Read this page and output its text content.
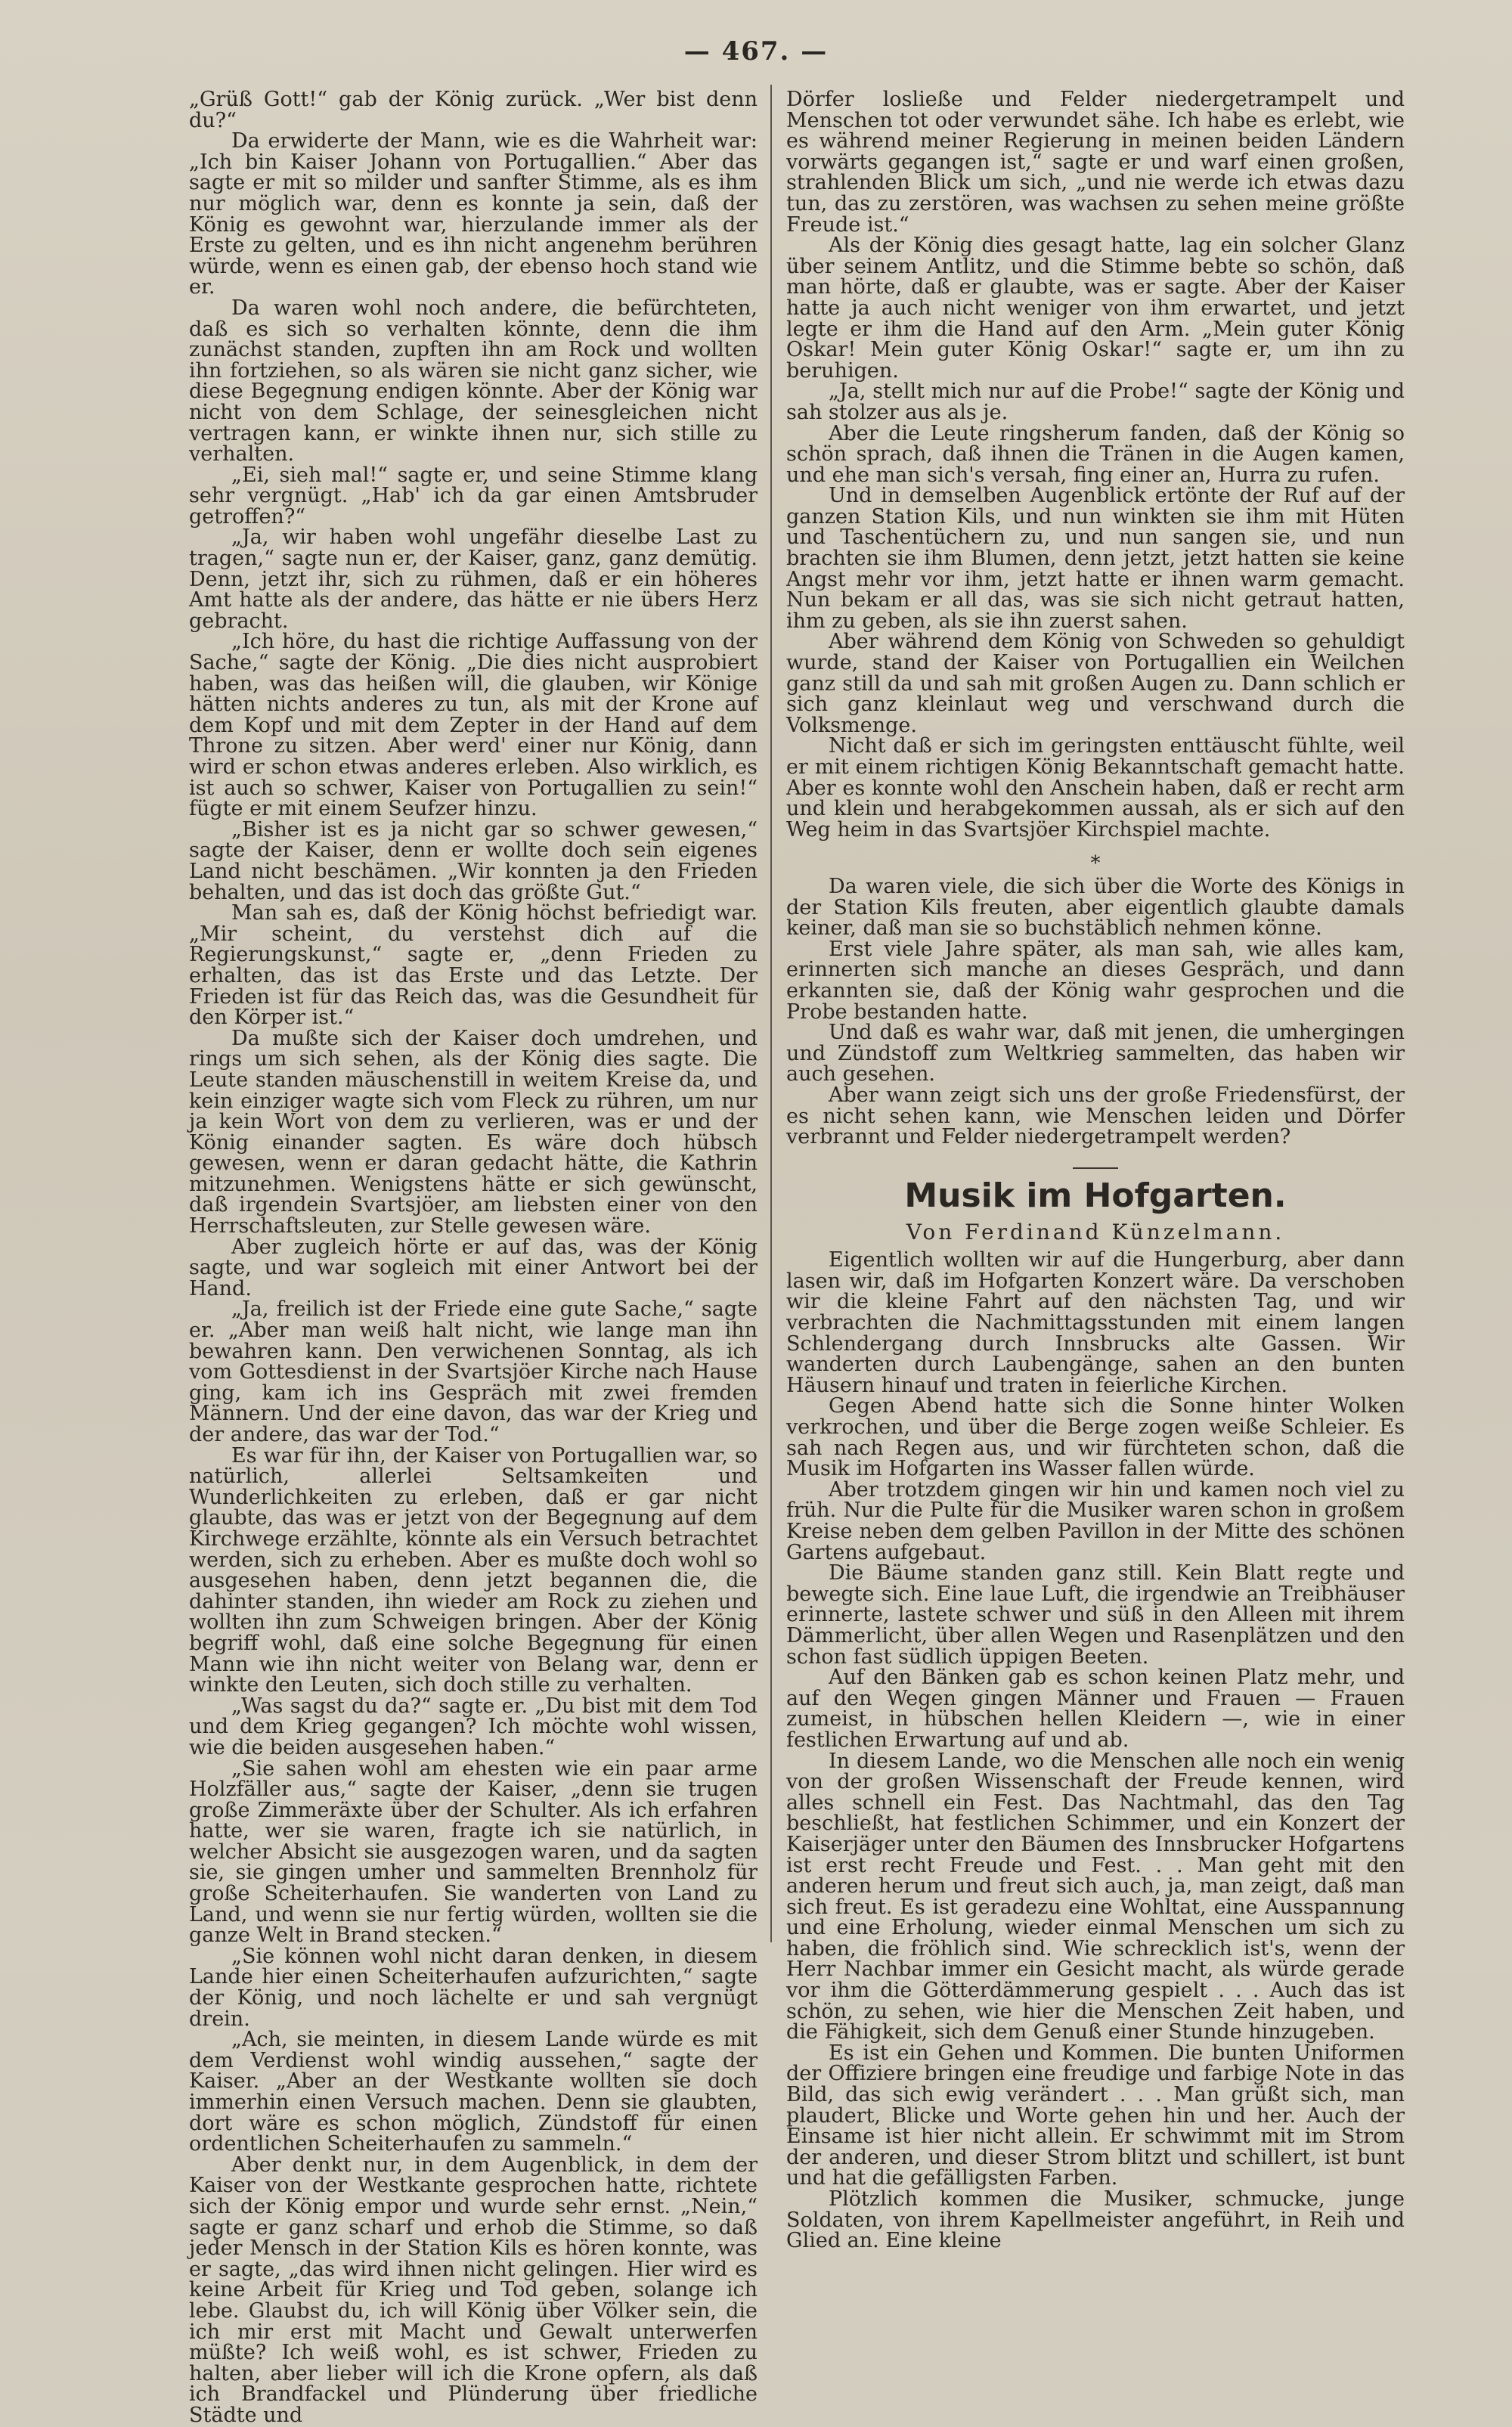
— 467. —

„Grüß Gott!“ gab der König zurück. „Wer bist denn du?“

Da erwiderte der Mann, wie es die Wahrheit war: „Ich bin Kaiser Johann von Portugallien.“ Aber das sagte er mit so milder und sanfter Stimme, als es ihm nur möglich war, denn es konnte ja sein, daß der König es gewohnt war, hierzulande immer als der Erste zu gelten, und es ihn nicht angenehm berühren würde, wenn es einen gab, der ebenso hoch stand wie er.

Da waren wohl noch andere, die befürchteten, daß es sich so verhalten könnte, denn die ihm zunächst standen, zupften ihn am Rock und wollten ihn fortziehen, so als wären sie nicht ganz sicher, wie diese Begegnung endigen könnte. Aber der König war nicht von dem Schlage, der seinesgleichen nicht vertragen kann, er winkte ihnen nur, sich stille zu verhalten.

„Ei, sieh mal!“ sagte er, und seine Stimme klang sehr vergnügt. „Hab' ich da gar einen Amtsbruder getroffen?“

„Ja, wir haben wohl ungefähr dieselbe Last zu tragen,“ sagte nun er, der Kaiser, ganz, ganz demütig. Denn, jetzt ihr, sich zu rühmen, daß er ein höheres Amt hatte als der andere, das hätte er nie übers Herz gebracht.

„Ich höre, du hast die richtige Auffassung von der Sache,“ sagte der König. „Die dies nicht ausprobiert haben, was das heißen will, die glauben, wir Könige hätten nichts anderes zu tun, als mit der Krone auf dem Kopf und mit dem Zepter in der Hand auf dem Throne zu sitzen. Aber werd' einer nur König, dann wird er schon etwas anderes erleben. Also wirklich, es ist auch so schwer, Kaiser von Portugallien zu sein!“ fügte er mit einem Seufzer hinzu.

„Bisher ist es ja nicht gar so schwer gewesen,“ sagte der Kaiser, denn er wollte doch sein eigenes Land nicht beschämen. „Wir konnten ja den Frieden behalten, und das ist doch das größte Gut.“

Man sah es, daß der König höchst befriedigt war. „Mir scheint, du verstehst dich auf die Regierungskunst,“ sagte er, „denn Frieden zu erhalten, das ist das Erste und das Letzte. Der Frieden ist für das Reich das, was die Gesundheit für den Körper ist.“

Da mußte sich der Kaiser doch umdrehen, und rings um sich sehen, als der König dies sagte. Die Leute standen mäuschenstill in weitem Kreise da, und kein einziger wagte sich vom Fleck zu rühren, um nur ja kein Wort von dem zu verlieren, was er und der König einander sagten. Es wäre doch hübsch gewesen, wenn er daran gedacht hätte, die Kathrin mitzunehmen. Wenigstens hätte er sich gewünscht, daß irgendein Svartsjöer, am liebsten einer von den Herrschaftsleuten, zur Stelle gewesen wäre.

Aber zugleich hörte er auf das, was der König sagte, und war sogleich mit einer Antwort bei der Hand.

„Ja, freilich ist der Friede eine gute Sache,“ sagte er. „Aber man weiß halt nicht, wie lange man ihn bewahren kann. Den verwichenen Sonntag, als ich vom Gottesdienst in der Svartsjöer Kirche nach Hause ging, kam ich ins Gespräch mit zwei fremden Männern. Und der eine davon, das war der Krieg und der andere, das war der Tod.“

Es war für ihn, der Kaiser von Portugallien war, so natürlich, allerlei Seltsamkeiten und Wunderlichkeiten zu erleben, daß er gar nicht glaubte, das was er jetzt von der Begegnung auf dem Kirchwege erzählte, könnte als ein Versuch betrachtet werden, sich zu erheben. Aber es mußte doch wohl so ausgesehen haben, denn jetzt begannen die, die dahinter standen, ihn wieder am Rock zu ziehen und wollten ihn zum Schweigen bringen. Aber der König begriff wohl, daß eine solche Begegnung für einen Mann wie ihn nicht weiter von Belang war, denn er winkte den Leuten, sich doch stille zu verhalten.

„Was sagst du da?“ sagte er. „Du bist mit dem Tod und dem Krieg gegangen? Ich möchte wohl wissen, wie die beiden ausgesehen haben.“

„Sie sahen wohl am ehesten wie ein paar arme Holzfäller aus,“ sagte der Kaiser, „denn sie trugen große Zimmeräxte über der Schulter. Als ich erfahren hatte, wer sie waren, fragte ich sie natürlich, in welcher Absicht sie ausgezogen waren, und da sagten sie, sie gingen umher und sammelten Brennholz für große Scheiterhaufen. Sie wanderten von Land zu Land, und wenn sie nur fertig würden, wollten sie die ganze Welt in Brand stecken.“

„Sie können wohl nicht daran denken, in diesem Lande hier einen Scheiterhaufen aufzurichten,“ sagte der König, und noch lächelte er und sah vergnügt drein.

„Ach, sie meinten, in diesem Lande würde es mit dem Verdienst wohl windig aussehen,“ sagte der Kaiser. „Aber an der Westkante wollten sie doch immerhin einen Versuch machen. Denn sie glaubten, dort wäre es schon möglich, Zündstoff für einen ordentlichen Scheiterhaufen zu sammeln.“

Aber denkt nur, in dem Augenblick, in dem der Kaiser von der Westkante gesprochen hatte, richtete sich der König empor und wurde sehr ernst. „Nein,“ sagte er ganz scharf und erhob die Stimme, so daß jeder Mensch in der Station Kils es hören konnte, was er sagte, „das wird ihnen nicht gelingen. Hier wird es keine Arbeit für Krieg und Tod geben, solange ich lebe. Glaubst du, ich will König über Völker sein, die ich mir erst mit Macht und Gewalt unterwerfen müßte? Ich weiß wohl, es ist schwer, Frieden zu halten, aber lieber will ich die Krone opfern, als daß ich Brandfackel und Plünderung über friedliche Städte und

Dörfer losließe und Felder niedergetrampelt und Menschen tot oder verwundet sähe. Ich habe es erlebt, wie es während meiner Regierung in meinen beiden Ländern vorwärts gegangen ist,“ sagte er und warf einen großen, strahlenden Blick um sich, „und nie werde ich etwas dazu tun, das zu zerstören, was wachsen zu sehen meine größte Freude ist.“

Als der König dies gesagt hatte, lag ein solcher Glanz über seinem Antlitz, und die Stimme bebte so schön, daß man hörte, daß er glaubte, was er sagte. Aber der Kaiser hatte ja auch nicht weniger von ihm erwartet, und jetzt legte er ihm die Hand auf den Arm. „Mein guter König Oskar! Mein guter König Oskar!“ sagte er, um ihn zu beruhigen.

„Ja, stellt mich nur auf die Probe!“ sagte der König und sah stolzer aus als je.

Aber die Leute ringsherum fanden, daß der König so schön sprach, daß ihnen die Tränen in die Augen kamen, und ehe man sich's versah, fing einer an, Hurra zu rufen.

Und in demselben Augenblick ertönte der Ruf auf der ganzen Station Kils, und nun winkten sie ihm mit Hüten und Taschentüchern zu, und nun sangen sie, und nun brachten sie ihm Blumen, denn jetzt, jetzt hatten sie keine Angst mehr vor ihm, jetzt hatte er ihnen warm gemacht. Nun bekam er all das, was sie sich nicht getraut hatten, ihm zu geben, als sie ihn zuerst sahen.

Aber während dem König von Schweden so gehuldigt wurde, stand der Kaiser von Portugallien ein Weilchen ganz still da und sah mit großen Augen zu. Dann schlich er sich ganz kleinlaut weg und verschwand durch die Volksmenge.

Nicht daß er sich im geringsten enttäuscht fühlte, weil er mit einem richtigen König Bekanntschaft gemacht hatte. Aber es konnte wohl den Anschein haben, daß er recht arm und klein und herabgekommen aussah, als er sich auf den Weg heim in das Svartsjöer Kirchspiel machte.

*

Da waren viele, die sich über die Worte des Königs in der Station Kils freuten, aber eigentlich glaubte damals keiner, daß man sie so buchstäblich nehmen könne.

Erst viele Jahre später, als man sah, wie alles kam, erinnerten sich manche an dieses Gespräch, und dann erkannten sie, daß der König wahr gesprochen und die Probe bestanden hatte.

Und daß es wahr war, daß mit jenen, die umhergingen und Zündstoff zum Weltkrieg sammelten, das haben wir auch gesehen.

Aber wann zeigt sich uns der große Friedensfürst, der es nicht sehen kann, wie Menschen leiden und Dörfer verbrannt und Felder niedergetrampelt werden?

Musik im Hofgarten.
Von Ferdinand Künzelmann.

Eigentlich wollten wir auf die Hungerburg, aber dann lasen wir, daß im Hofgarten Konzert wäre. Da verschoben wir die kleine Fahrt auf den nächsten Tag, und wir verbrachten die Nachmittagsstunden mit einem langen Schlendergang durch Innsbrucks alte Gassen. Wir wanderten durch Laubengänge, sahen an den bunten Häusern hinauf und traten in feierliche Kirchen.

Gegen Abend hatte sich die Sonne hinter Wolken verkrochen, und über die Berge zogen weiße Schleier. Es sah nach Regen aus, und wir fürchteten schon, daß die Musik im Hofgarten ins Wasser fallen würde.

Aber trotzdem gingen wir hin und kamen noch viel zu früh. Nur die Pulte für die Musiker waren schon in großem Kreise neben dem gelben Pavillon in der Mitte des schönen Gartens aufgebaut.

Die Bäume standen ganz still. Kein Blatt regte und bewegte sich. Eine laue Luft, die irgendwie an Treibhäuser erinnerte, lastete schwer und süß in den Alleen mit ihrem Dämmerlicht, über allen Wegen und Rasenplätzen und den schon fast südlich üppigen Beeten.

Auf den Bänken gab es schon keinen Platz mehr, und auf den Wegen gingen Männer und Frauen — Frauen zumeist, in hübschen hellen Kleidern —, wie in einer festlichen Erwartung auf und ab.

In diesem Lande, wo die Menschen alle noch ein wenig von der großen Wissenschaft der Freude kennen, wird alles schnell ein Fest. Das Nachtmahl, das den Tag beschließt, hat festlichen Schimmer, und ein Konzert der Kaiserjäger unter den Bäumen des Innsbrucker Hofgartens ist erst recht Freude und Fest. . . Man geht mit den anderen herum und freut sich auch, ja, man zeigt, daß man sich freut. Es ist geradezu eine Wohltat, eine Ausspannung und eine Erholung, wieder einmal Menschen um sich zu haben, die fröhlich sind. Wie schrecklich ist's, wenn der Herr Nachbar immer ein Gesicht macht, als würde gerade vor ihm die Götterdämmerung gespielt . . . Auch das ist schön, zu sehen, wie hier die Menschen Zeit haben, und die Fähigkeit, sich dem Genuß einer Stunde hinzugeben.

Es ist ein Gehen und Kommen. Die bunten Uniformen der Offiziere bringen eine freudige und farbige Note in das Bild, das sich ewig verändert . . . Man grüßt sich, man plaudert, Blicke und Worte gehen hin und her. Auch der Einsame ist hier nicht allein. Er schwimmt mit im Strom der anderen, und dieser Strom blitzt und schillert, ist bunt und hat die gefälligsten Farben.

Plötzlich kommen die Musiker, schmucke, junge Soldaten, von ihrem Kapellmeister angeführt, in Reih und Glied an. Eine kleine
